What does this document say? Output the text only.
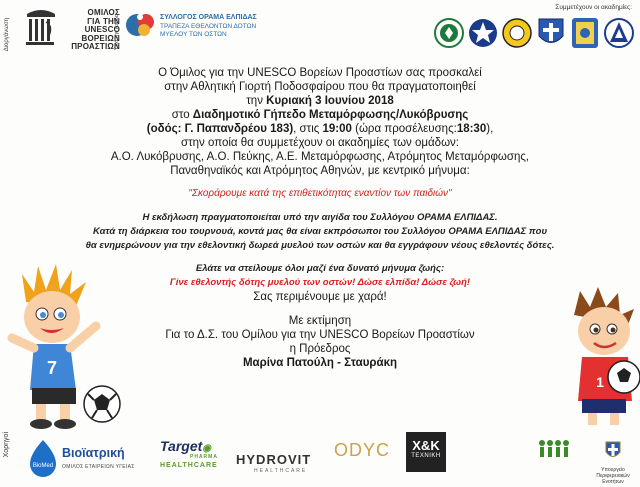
Διοργάνωση
ΟΜΙΛΟΣ
ΓΙΑ ΤΗΝ
UNESCO
ΒΟΡΕΙΩΝ
ΠΡΟΑΣΤΙΩΝ
Υπό την Αιγίδα	ΣΥΛΛΟΓΟΣ ΟΡΑΜΑ ΕΛΠΙΔΑΣ
ΤΡΑΠΕΖΑ ΕΘΕΛΟΝΤΩΝ ΔΟΤΩΝ
ΜΥΕΛΟΥ ΤΩΝ ΟΣΤΩΝ
Συμμετέχουν οι ακαδημίες:
Ο Όμιλος για την UNESCO Βορείων Προαστίων σας προσκαλεί
στην Αθλητική Γιορτή Ποδοσφαίρου που θα πραγματοποιηθεί
την Κυριακή 3 Ιουνίου 2018
στο Διαδημοτικό Γήπεδο Μεταμόρφωσης/Λυκόβρυσης
(οδός: Γ. Παπανδρέου 183), στις 19:00 (ώρα προσέλευσης:18:30),
στην οποία θα συμμετέχουν οι ακαδημίες των ομάδων:
Α.Ο. Λυκόβρυσης, Α.Ο. Πεύκης, Α.Ε. Μεταμόρφωσης, Ατρόμητος Μεταμόρφωσης,
Παναθηναϊκός και Ατρόμητος Αθηνών, με κεντρικό μήνυμα:
"Σκοράρουμε κατά της επιθετικότητας εναντίον των παιδιών"
Η εκδήλωση πραγματοποιείται υπό την αιγίδα του Συλλόγου ΟΡΑΜΑ ΕΛΠΙΔΑΣ.
Κατά τη διάρκεια του τουρνουά, κοντά μας θα είναι εκπρόσωποι του Συλλόγου ΟΡΑΜΑ ΕΛΠΙΔΑΣ που
θα ενημερώνουν για την εθελοντική δωρεά μυελού των οστών και θα εγγράφουν νέους εθελοντές δότες.
Ελάτε να στείλουμε όλοι μαζί ένα δυνατό μήνυμα ζωής:
Γίνε εθελοντής δότης μυελού των οστών! Δώσε ελπίδα! Δώσε ζωή!
Σας περιμένουμε με χαρά!
Με εκτίμηση
Για το Δ.Σ. του Ομίλου για την UNESCO Βορείων Προαστίων
η Πρόεδρος
Μαρίνα Πατούλη - Σταυράκη
7
1
Χορηγοί
BioMed
Βιοϊατρική
ΟΜΙΛΟΣ ΕΤΑΙΡΕΙΩΝ ΥΓΕΙΑΣ
Target◉
PHARMA
HEALTHCARE HYDROVIT
HEALTHCARE
ODYC	X&K
ΤΕΧΝΙΚΗ
Υπουργείο Περιφερειακών Ενοτήτων
